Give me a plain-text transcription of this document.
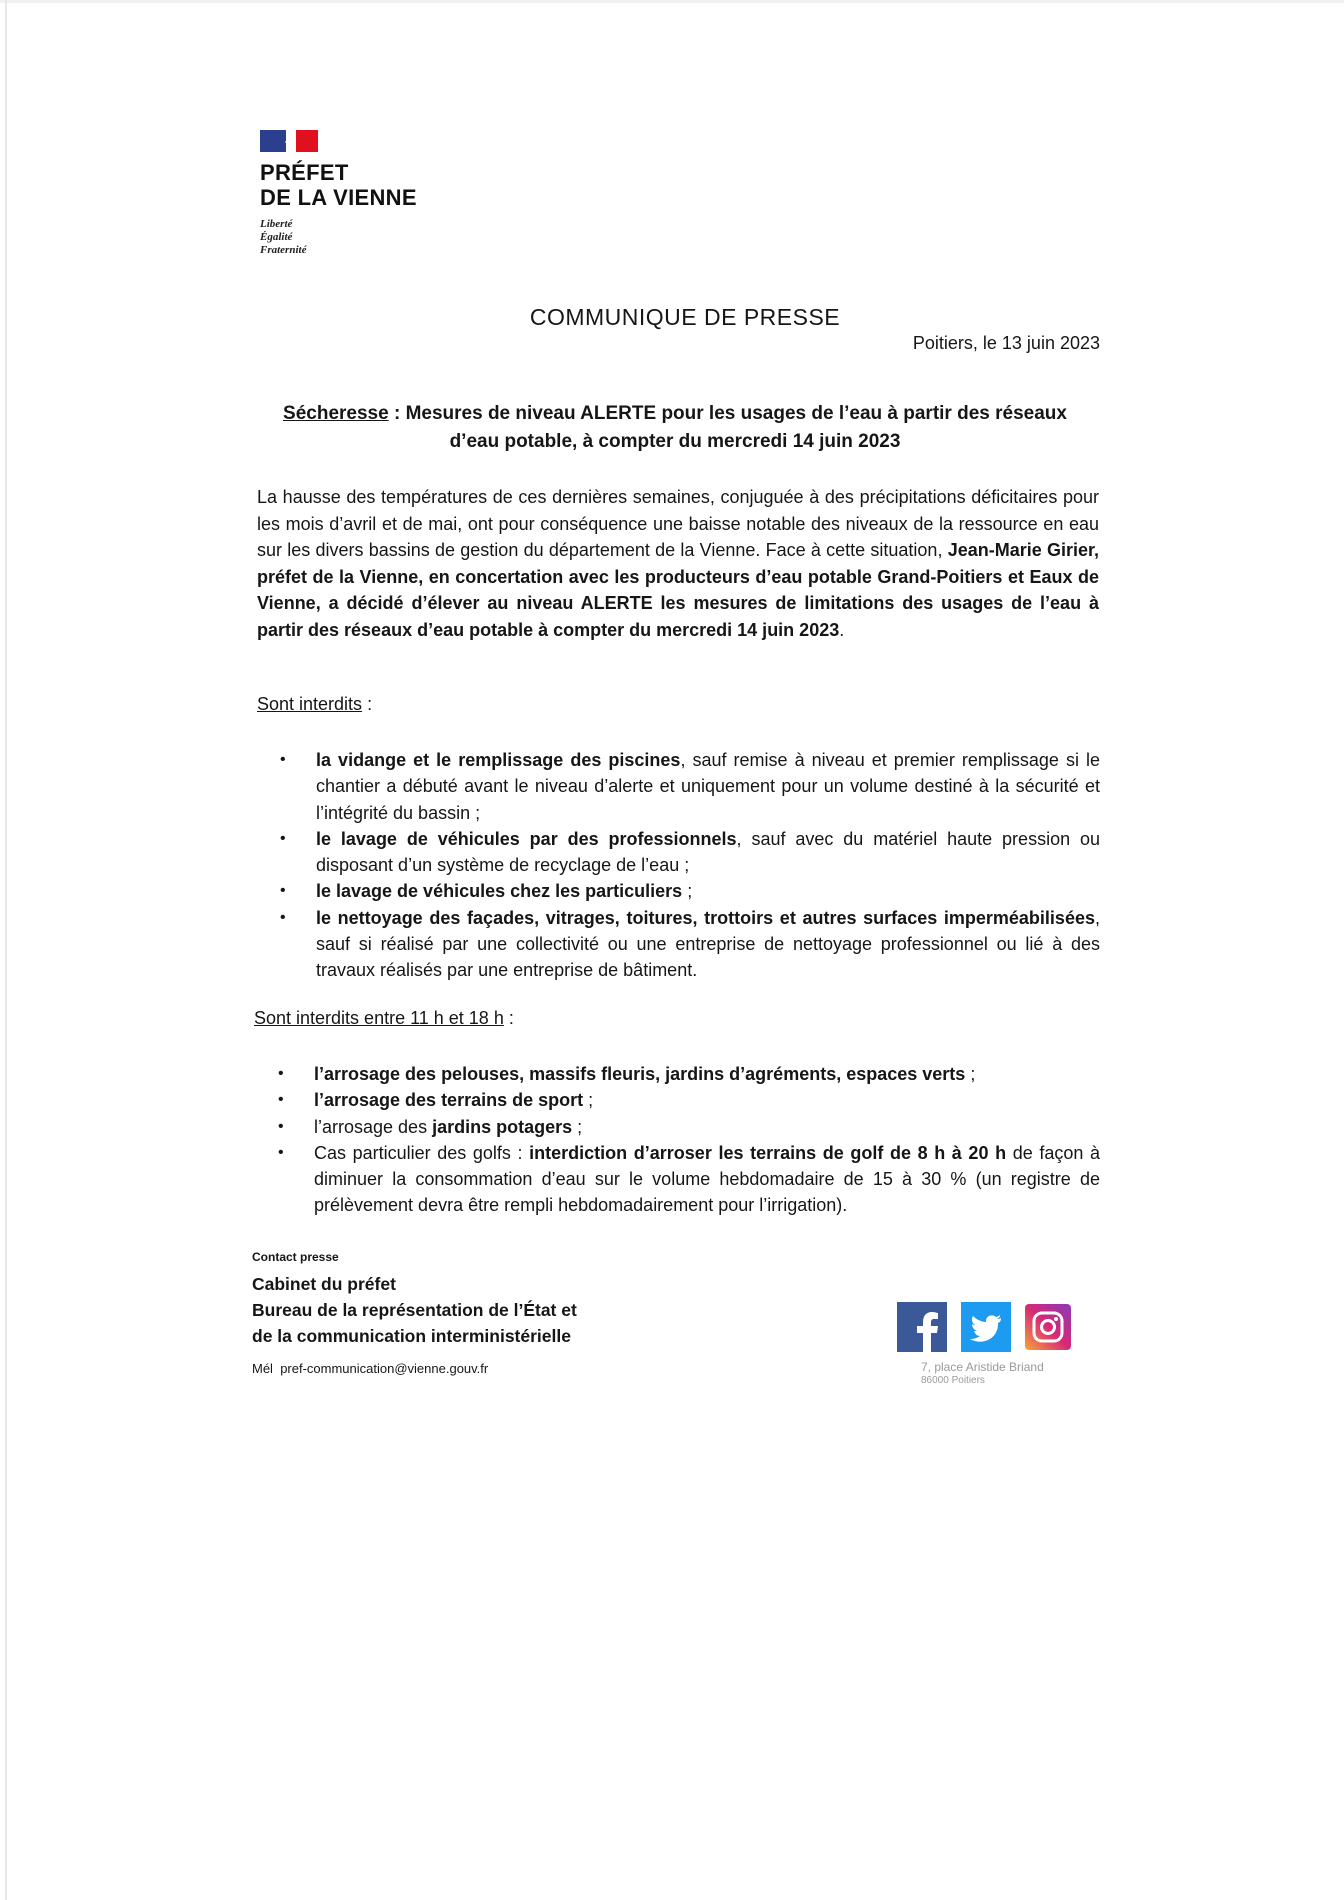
PRÉFET
DE LA VIENNE
Liberté
Égalité
Fraternité
COMMUNIQUE DE PRESSE
Poitiers, le 13 juin 2023
Sécheresse : Mesures de niveau ALERTE pour les usages de l’eau à partir des réseaux
d’eau potable, à compter du mercredi 14 juin 2023
La hausse des températures de ces dernières semaines, conjuguée à des précipitations déficitaires pour les mois d’avril et de mai, ont pour conséquence une baisse notable des niveaux de la ressource en eau sur les divers bassins de gestion du département de la Vienne. Face à cette situation, Jean-Marie Girier, préfet de la Vienne, en concertation avec les producteurs d’eau potable Grand-Poitiers et Eaux de Vienne, a décidé d’élever au niveau ALERTE les mesures de limitations des usages de l’eau à partir des réseaux d’eau potable à compter du mercredi 14 juin 2023.
Sont interdits :
• la vidange et le remplissage des piscines, sauf remise à niveau et premier remplissage si le chantier a débuté avant le niveau d’alerte et uniquement pour un volume destiné à la sécurité et l’intégrité du bassin ;
• le lavage de véhicules par des professionnels, sauf avec du matériel haute pression ou disposant d’un système de recyclage de l’eau ;
• le lavage de véhicules chez les particuliers ;
• le nettoyage des façades, vitrages, toitures, trottoirs et autres surfaces imperméabilisées, sauf si réalisé par une collectivité ou une entreprise de nettoyage professionnel ou lié à des travaux réalisés par une entreprise de bâtiment.
Sont interdits entre 11 h et 18 h :
• l’arrosage des pelouses, massifs fleuris, jardins d’agréments, espaces verts ;
• l’arrosage des terrains de sport ;
• l’arrosage des jardins potagers ;
• Cas particulier des golfs : interdiction d’arroser les terrains de golf de 8 h à 20 h de façon à diminuer la consommation d’eau sur le volume hebdomadaire de 15 à 30 % (un registre de prélèvement devra être rempli hebdomadairement pour l’irrigation).
Contact presse
Cabinet du préfet
Bureau de la représentation de l’État et
de la communication interministérielle
Mél pref-communication@vienne.gouv.fr	7, place Aristide Briand
86000 Poitiers
